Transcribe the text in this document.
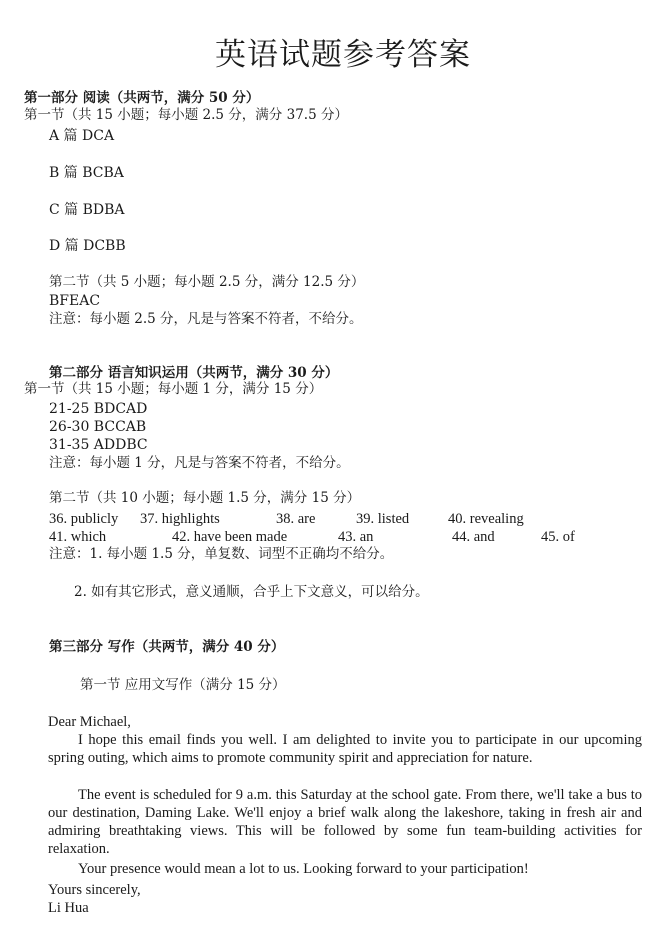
英语试题参考答案
第一部分 阅读（共两节，满分 50 分）
第一节（共 15 小题；每小题 2.5 分，满分 37.5 分）
A 篇 DCA
B 篇 BCBA
C 篇 BDBA
D 篇 DCBB
第二节（共 5 小题；每小题 2.5 分，满分 12.5 分）
BFEAC
注意：每小题 2.5 分，凡是与答案不符者，不给分。
第二部分 语言知识运用（共两节，满分 30 分）
第一节（共 15 小题；每小题 1 分，满分 15 分）
21-25 BDCAD
26-30 BCCAB
31-35 ADDBC
注意：每小题 1 分，凡是与答案不符者，不给分。
第二节（共 10 小题；每小题 1.5 分，满分 15 分）
36. publicly 37. highlights	38. are	39. listed	40. revealing
41. which	42. have been made	43. an	44. and	45. of
注意：1. 每小题 1.5 分，单复数、词型不正确均不给分。
2. 如有其它形式，意义通顺，合乎上下文意义，可以给分。
第三部分 写作（共两节，满分 40 分）
第一节 应用文写作（满分 15 分）
Dear Michael,
I hope this email finds you well. I am delighted to invite you to participate in our upcoming spring outing, which aims to promote community spirit and appreciation for nature.
The event is scheduled for 9 a.m. this Saturday at the school gate. From there, we'll take a bus to our destination, Daming Lake. We'll enjoy a brief walk along the lakeshore, taking in fresh air and admiring breathtaking views. This will be followed by some fun team-building activities for relaxation.
Your presence would mean a lot to us. Looking forward to your participation!
Yours sincerely,
Li Hua
